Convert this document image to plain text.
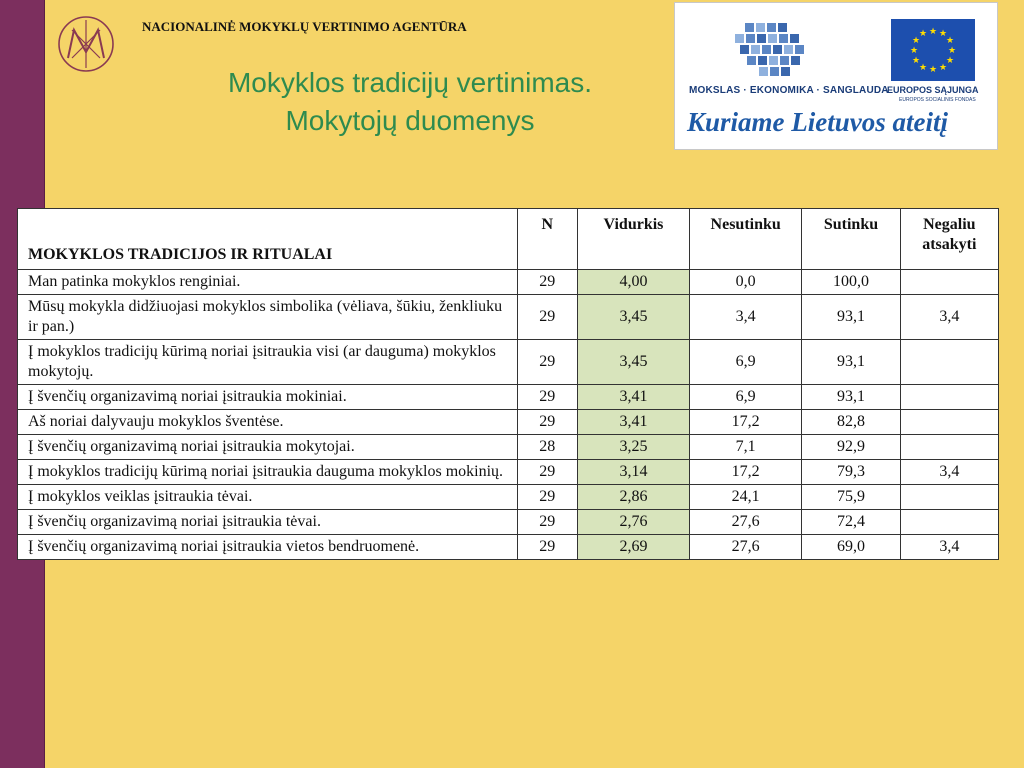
NACIONALINĖ MOKYKLŲ VERTINIMO AGENTŪRA
Mokyklos tradicijų vertinimas.
Mokytojų duomenys
MOKSLAS · EKONOMIKA · SANGLAUDA
★ ★
★
★
★
★
★
★
★
★
★
★
EUROPOS SĄJUNGA
EUROPOS SOCIALINIS FONDAS
Kuriame Lietuvos ateitį
MOKYKLOS TRADICIJOS IR RITUALAI	N	Vidurkis	Nesutinku	Sutinku	Negaliu atsakyti
Man patinka mokyklos renginiai.	29	4,00	0,0	100,0	
Mūsų mokykla didžiuojasi mokyklos simbolika (vėliava, šūkiu, ženkliuku ir pan.)	29	3,45	3,4	93,1	3,4
Į mokyklos tradicijų kūrimą noriai įsitraukia visi (ar dauguma) mokyklos mokytojų.	29	3,45	6,9	93,1	
Į švenčių organizavimą noriai įsitraukia mokiniai.	29	3,41	6,9	93,1	
Aš noriai dalyvauju mokyklos šventėse.	29	3,41	17,2	82,8	
Į švenčių organizavimą noriai įsitraukia mokytojai.	28	3,25	7,1	92,9	
Į mokyklos tradicijų kūrimą noriai įsitraukia dauguma mokyklos mokinių.	29	3,14	17,2	79,3	3,4
Į mokyklos veiklas įsitraukia tėvai.	29	2,86	24,1	75,9	
Į švenčių organizavimą noriai įsitraukia tėvai.	29	2,76	27,6	72,4	
Į švenčių organizavimą noriai įsitraukia vietos bendruomenė.	29	2,69	27,6	69,0	3,4
